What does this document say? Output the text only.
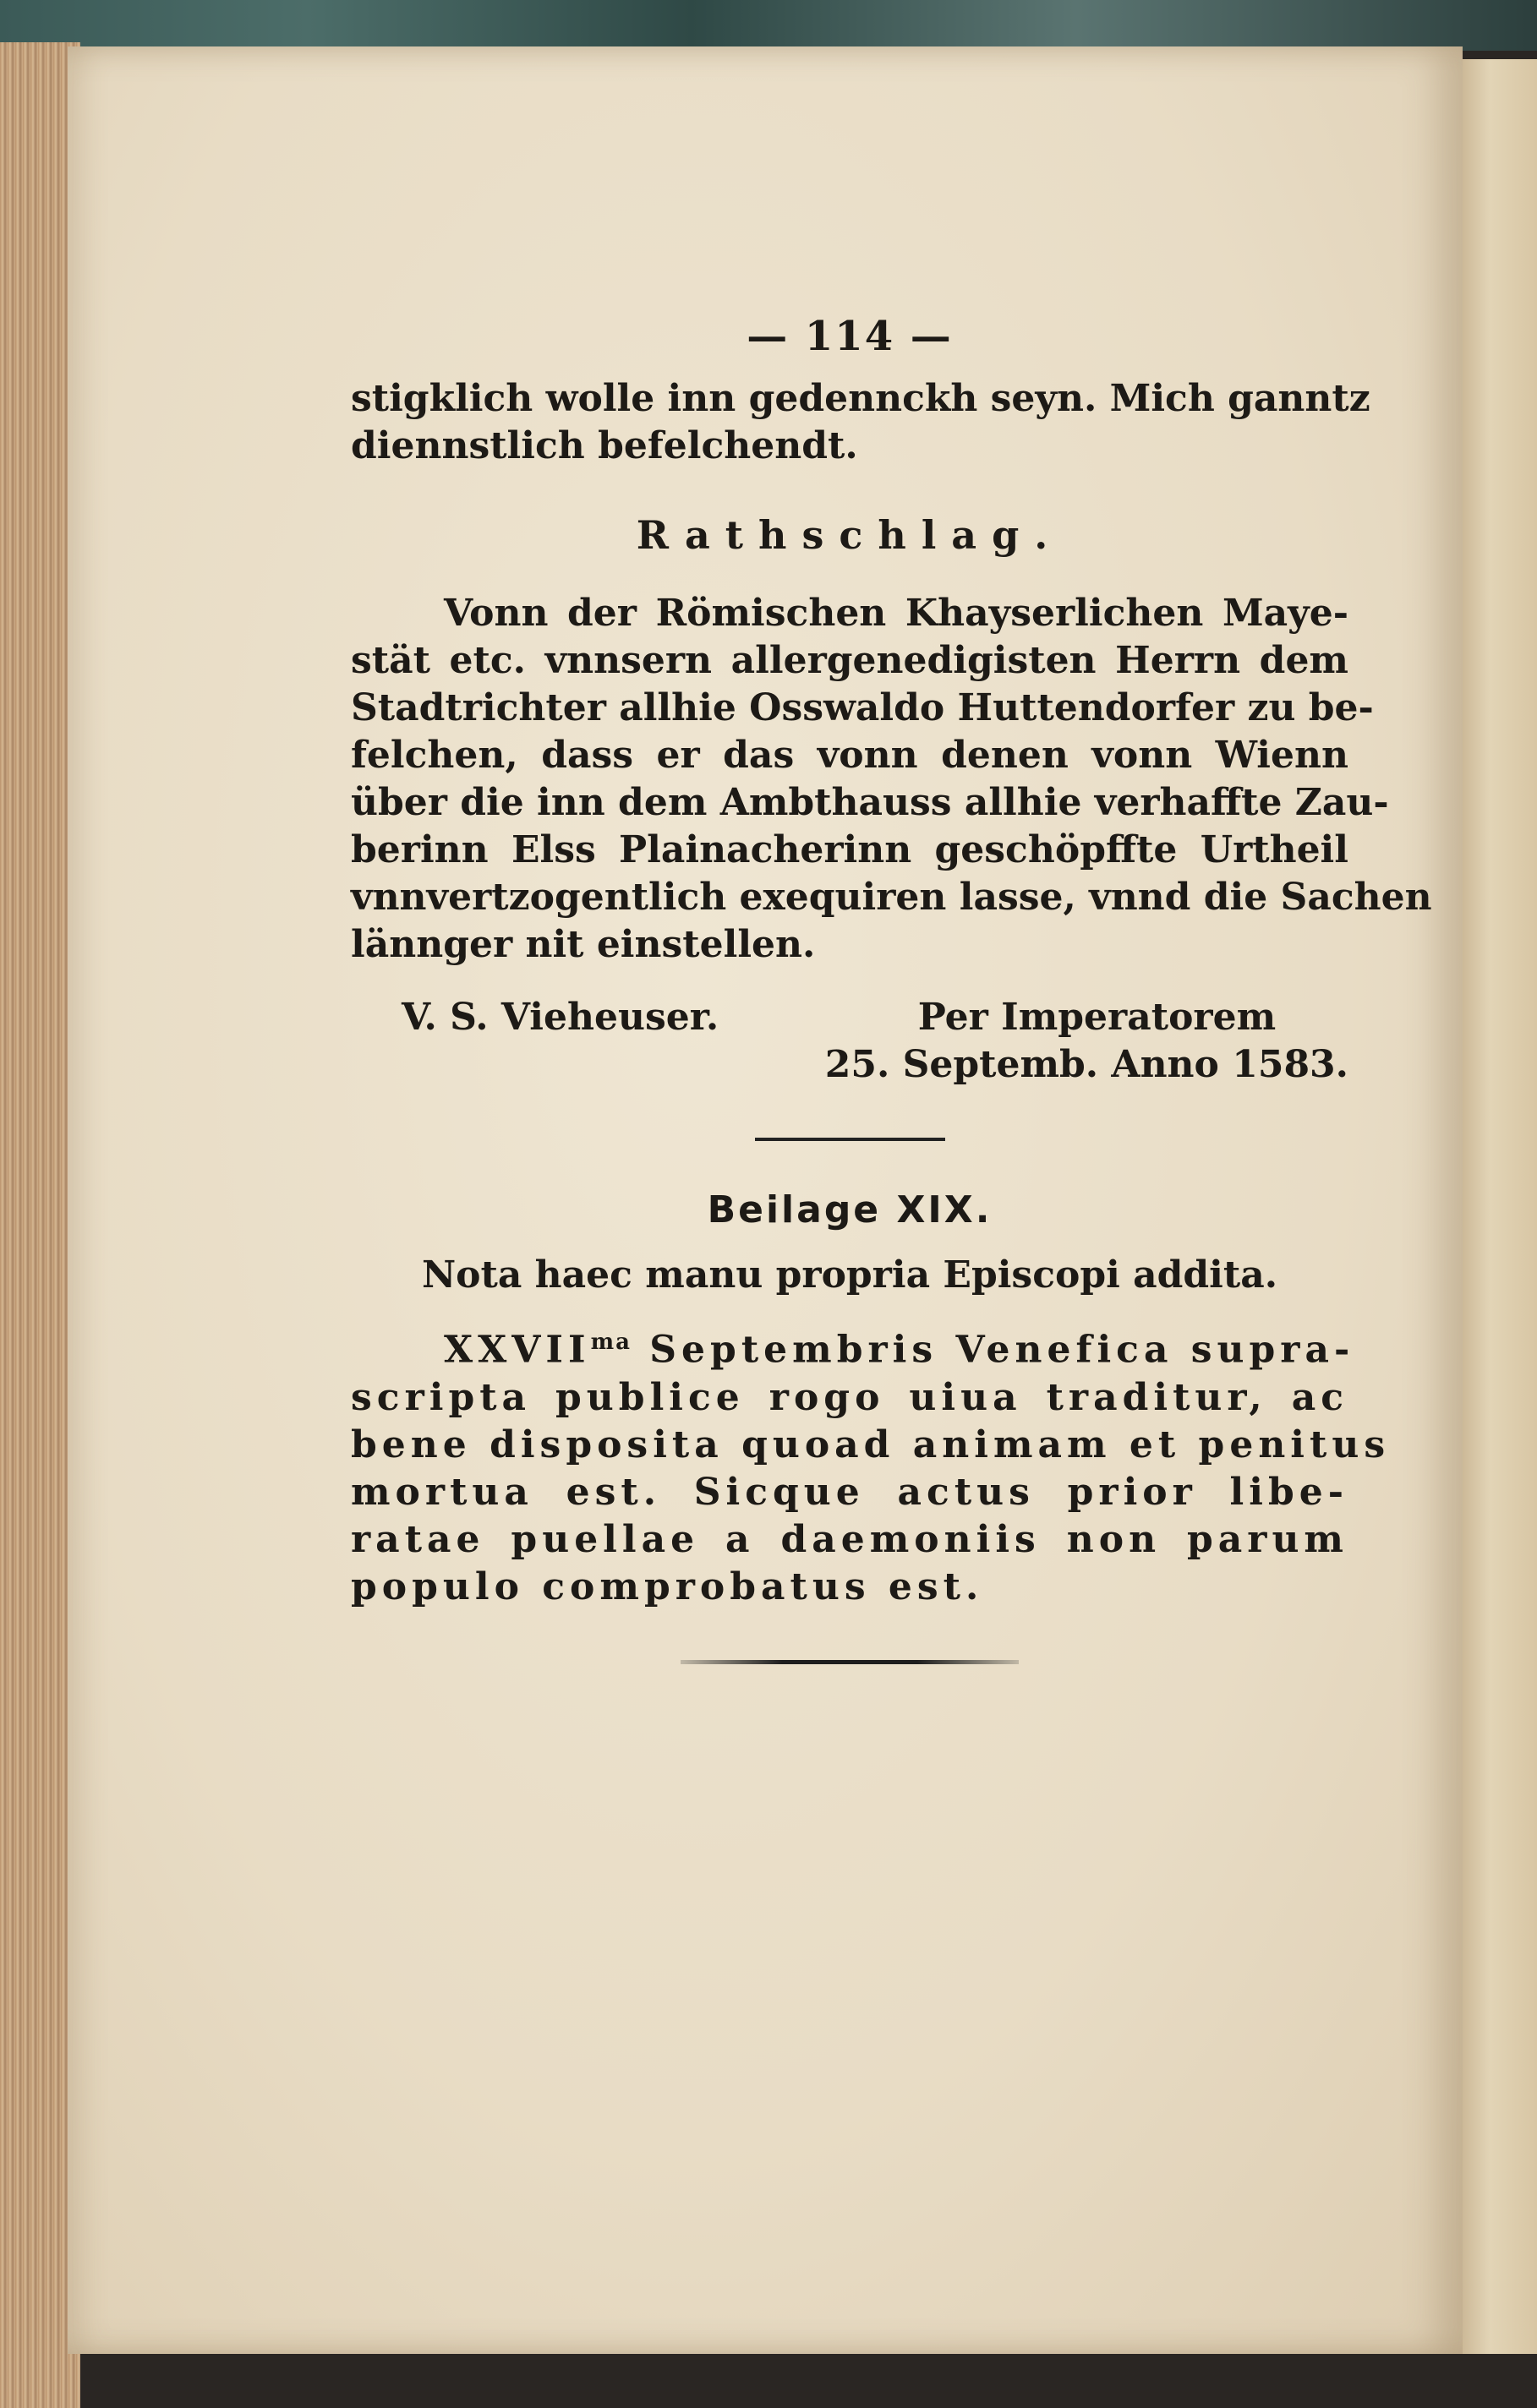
— 114 —

stigklich wolle inn gedennckh seyn. Mich ganntz
diennstlich befelchendt.

Rathschlag.

Vonn der Römischen Khayserlichen Maye-
stät etc. vnnsern allergenedigisten Herrn dem
Stadtrichter allhie Osswaldo Huttendorfer zu be-
felchen, dass er das vonn denen vonn Wienn
über die inn dem Ambthauss allhie verhaffte Zau-
berinn Elss Plainacherinn geschöpffte Urtheil
vnnvertzogentlich exequiren lasse, vnnd die Sachen
lännger nit einstellen.

V. S. Vieheuser.	Per Imperatorem
25. Septemb. Anno 1583.
Beilage XIX.
Nota haec manu propria Episcopi addita.

$XXVII^{ma}$ Septembris Venefica supra-
scripta publice rogo uiua traditur, ac
bene disposita quoad animam et penitus
mortua est. Sicque actus prior libe-
ratae puellae a daemoniis non parum
populo comprobatus est.
